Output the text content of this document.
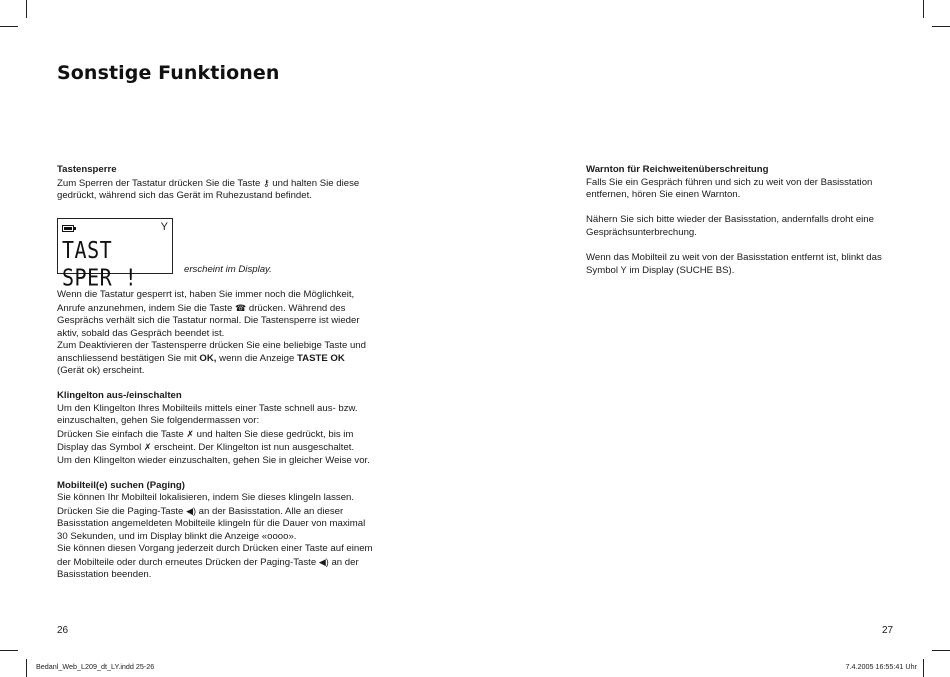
Sonstige Funktionen

Tastensperre

Zum Sperren der Tastatur drücken Sie die Taste ⚷ und halten Sie diese

gedrückt, während sich das Gerät im Ruhezustand befindet.

Y
TAST SPER !	erscheint im Display.

Wenn die Tastatur gesperrt ist, haben Sie immer noch die Möglichkeit,

Anrufe anzunehmen, indem Sie die Taste ☎ drücken. Während des

Gesprächs verhält sich die Tastatur normal. Die Tastensperre ist wieder

aktiv, sobald das Gespräch beendet ist.

Zum Deaktivieren der Tastensperre drücken Sie eine beliebige Taste und

anschliessend bestätigen Sie mit OK, wenn die Anzeige TASTE OK

(Gerät ok) erscheint.

Klingelton aus-/einschalten

Um den Klingelton Ihres Mobilteils mittels einer Taste schnell aus- bzw.

einzuschalten, gehen Sie folgendermassen vor:

Drücken Sie einfach die Taste ✗ und halten Sie diese gedrückt, bis im

Display das Symbol ✗ erscheint. Der Klingelton ist nun ausgeschaltet.

Um den Klingelton wieder einzuschalten, gehen Sie in gleicher Weise vor.

Mobilteil(e) suchen (Paging)

Sie können Ihr Mobilteil lokalisieren, indem Sie dieses klingeln lassen.

Drücken Sie die Paging-Taste ◀) an der Basisstation. Alle an dieser

Basisstation angemeldeten Mobilteile klingeln für die Dauer von maximal

30 Sekunden, und im Display blinkt die Anzeige «oooo».

Sie können diesen Vorgang jederzeit durch Drücken einer Taste auf einem

der Mobilteile oder durch erneutes Drücken der Paging-Taste ◀) an der

Basisstation beenden.

Warnton für Reichweitenüberschreitung

Falls Sie ein Gespräch führen und sich zu weit von der Basisstation

entfernen, hören Sie einen Warnton.

Nähern Sie sich bitte wieder der Basisstation, andernfalls droht eine

Gesprächsunterbrechung.

Wenn das Mobilteil zu weit von der Basisstation entfernt ist, blinkt das

Symbol Y im Display (SUCHE BS).

26	27
Bedanl_Web_L209_dt_LY.indd 25-26	7.4.2005 16:55:41 Uhr
